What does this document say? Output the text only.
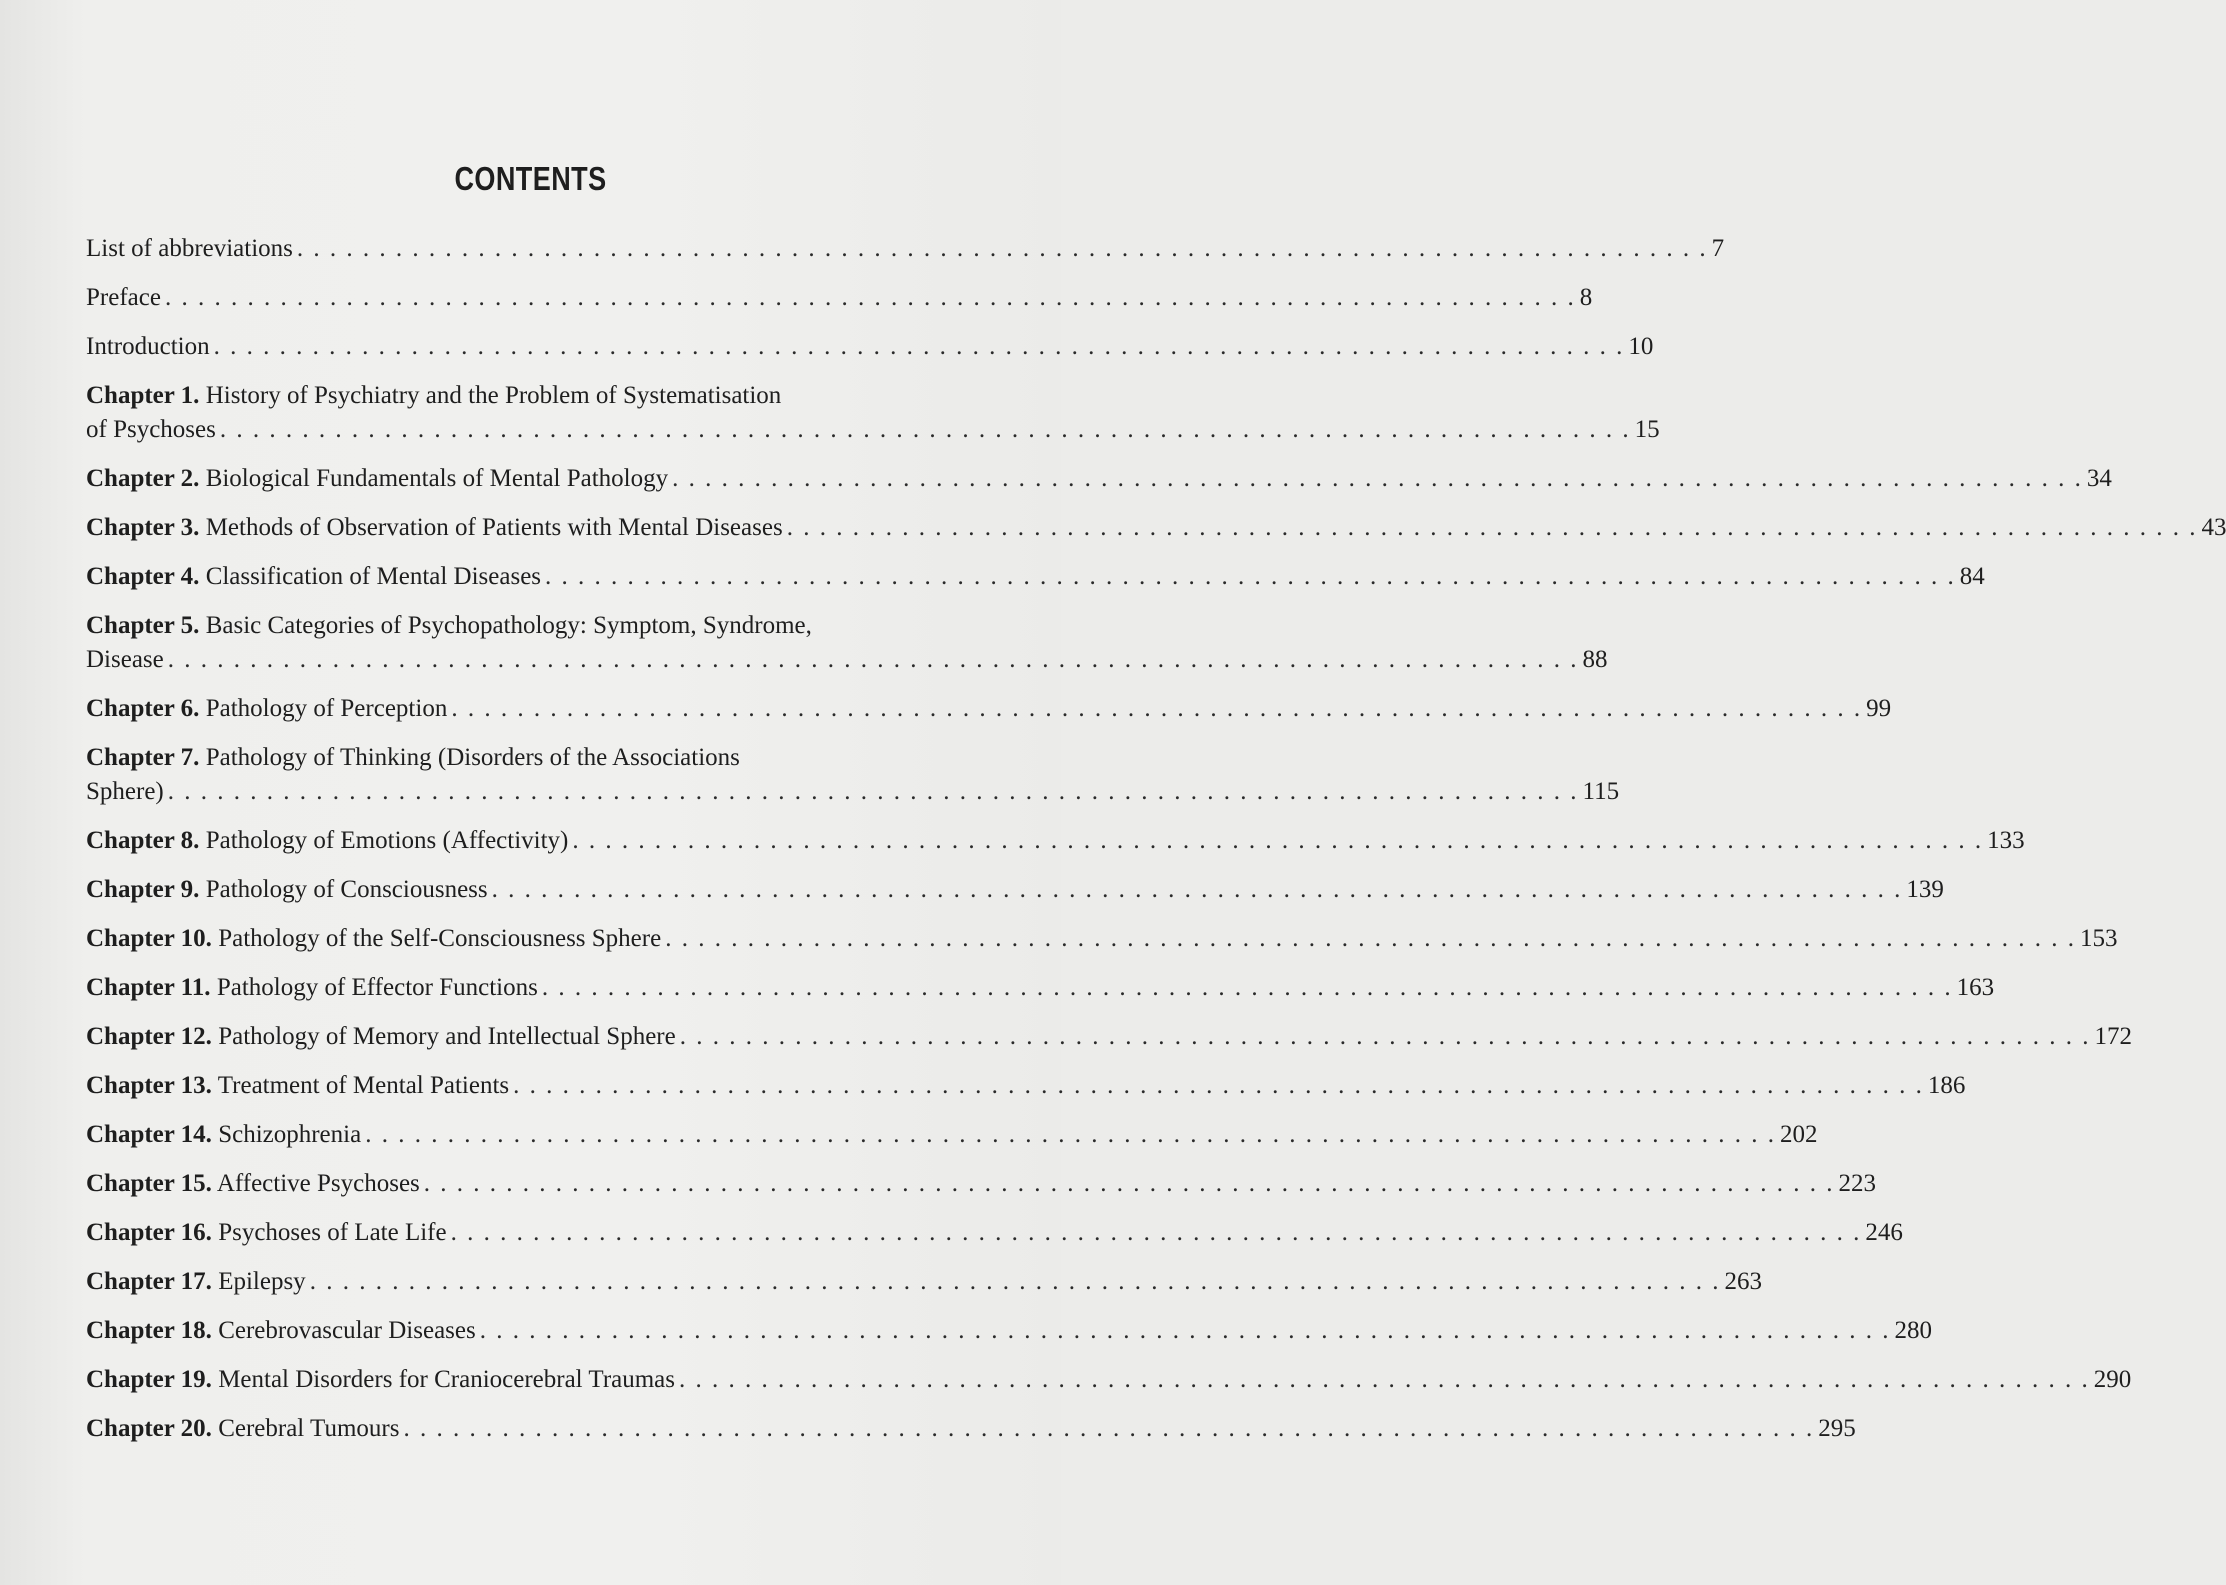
CONTENTS
List of abbreviations . . . . . . . . . . . . . . . . . . . . . . . . . . . . . . . . . . . . . . . . . . . . . . . . . . . . . . . . . . . . . . . . . . . . . . . . . . . . . . . . . . . . . . 7
Preface . . . . . . . . . . . . . . . . . . . . . . . . . . . . . . . . . . . . . . . . . . . . . . . . . . . . . . . . . . . . . . . . . . . . . . . . . . . . . . . . . . . . . . 8
Introduction . . . . . . . . . . . . . . . . . . . . . . . . . . . . . . . . . . . . . . . . . . . . . . . . . . . . . . . . . . . . . . . . . . . . . . . . . . . . . . . . . . . . . . 10
Chapter 1. History of Psychiatry and the Problem of Systematisation
of Psychoses . . . . . . . . . . . . . . . . . . . . . . . . . . . . . . . . . . . . . . . . . . . . . . . . . . . . . . . . . . . . . . . . . . . . . . . . . . . . . . . . . . . . . . 15
Chapter 2. Biological Fundamentals of Mental Pathology . . . . . . . . . . . . . . . . . . . . . . . . . . . . . . . . . . . . . . . . . . . . . . . . . . . . . . . . . . . . . . . . . . . . . . . . . . . . . . . . . . . . . . 34
Chapter 3. Methods of Observation of Patients with Mental Diseases . . . . . . . . . . . . . . . . . . . . . . . . . . . . . . . . . . . . . . . . . . . . . . . . . . . . . . . . . . . . . . . . . . . . . . . . . . . . . . . . . . . . . . 43
Chapter 4. Classification of Mental Diseases . . . . . . . . . . . . . . . . . . . . . . . . . . . . . . . . . . . . . . . . . . . . . . . . . . . . . . . . . . . . . . . . . . . . . . . . . . . . . . . . . . . . . . 84
Chapter 5. Basic Categories of Psychopathology: Symptom, Syndrome,
Disease . . . . . . . . . . . . . . . . . . . . . . . . . . . . . . . . . . . . . . . . . . . . . . . . . . . . . . . . . . . . . . . . . . . . . . . . . . . . . . . . . . . . . . 88
Chapter 6. Pathology of Perception . . . . . . . . . . . . . . . . . . . . . . . . . . . . . . . . . . . . . . . . . . . . . . . . . . . . . . . . . . . . . . . . . . . . . . . . . . . . . . . . . . . . . . 99
Chapter 7. Pathology of Thinking (Disorders of the Associations
Sphere) . . . . . . . . . . . . . . . . . . . . . . . . . . . . . . . . . . . . . . . . . . . . . . . . . . . . . . . . . . . . . . . . . . . . . . . . . . . . . . . . . . . . . . 115
Chapter 8. Pathology of Emotions (Affectivity) . . . . . . . . . . . . . . . . . . . . . . . . . . . . . . . . . . . . . . . . . . . . . . . . . . . . . . . . . . . . . . . . . . . . . . . . . . . . . . . . . . . . . . 133
Chapter 9. Pathology of Consciousness . . . . . . . . . . . . . . . . . . . . . . . . . . . . . . . . . . . . . . . . . . . . . . . . . . . . . . . . . . . . . . . . . . . . . . . . . . . . . . . . . . . . . . 139
Chapter 10. Pathology of the Self-Consciousness Sphere . . . . . . . . . . . . . . . . . . . . . . . . . . . . . . . . . . . . . . . . . . . . . . . . . . . . . . . . . . . . . . . . . . . . . . . . . . . . . . . . . . . . . . 153
Chapter 11. Pathology of Effector Functions . . . . . . . . . . . . . . . . . . . . . . . . . . . . . . . . . . . . . . . . . . . . . . . . . . . . . . . . . . . . . . . . . . . . . . . . . . . . . . . . . . . . . . 163
Chapter 12. Pathology of Memory and Intellectual Sphere . . . . . . . . . . . . . . . . . . . . . . . . . . . . . . . . . . . . . . . . . . . . . . . . . . . . . . . . . . . . . . . . . . . . . . . . . . . . . . . . . . . . . . 172
Chapter 13. Treatment of Mental Patients . . . . . . . . . . . . . . . . . . . . . . . . . . . . . . . . . . . . . . . . . . . . . . . . . . . . . . . . . . . . . . . . . . . . . . . . . . . . . . . . . . . . . . 186
Chapter 14. Schizophrenia . . . . . . . . . . . . . . . . . . . . . . . . . . . . . . . . . . . . . . . . . . . . . . . . . . . . . . . . . . . . . . . . . . . . . . . . . . . . . . . . . . . . . . 202
Chapter 15. Affective Psychoses . . . . . . . . . . . . . . . . . . . . . . . . . . . . . . . . . . . . . . . . . . . . . . . . . . . . . . . . . . . . . . . . . . . . . . . . . . . . . . . . . . . . . . 223
Chapter 16. Psychoses of Late Life . . . . . . . . . . . . . . . . . . . . . . . . . . . . . . . . . . . . . . . . . . . . . . . . . . . . . . . . . . . . . . . . . . . . . . . . . . . . . . . . . . . . . . 246
Chapter 17. Epilepsy . . . . . . . . . . . . . . . . . . . . . . . . . . . . . . . . . . . . . . . . . . . . . . . . . . . . . . . . . . . . . . . . . . . . . . . . . . . . . . . . . . . . . . 263
Chapter 18. Cerebrovascular Diseases . . . . . . . . . . . . . . . . . . . . . . . . . . . . . . . . . . . . . . . . . . . . . . . . . . . . . . . . . . . . . . . . . . . . . . . . . . . . . . . . . . . . . . 280
Chapter 19. Mental Disorders for Craniocerebral Traumas . . . . . . . . . . . . . . . . . . . . . . . . . . . . . . . . . . . . . . . . . . . . . . . . . . . . . . . . . . . . . . . . . . . . . . . . . . . . . . . . . . . . . . 290
Chapter 20. Cerebral Tumours . . . . . . . . . . . . . . . . . . . . . . . . . . . . . . . . . . . . . . . . . . . . . . . . . . . . . . . . . . . . . . . . . . . . . . . . . . . . . . . . . . . . . . 295
